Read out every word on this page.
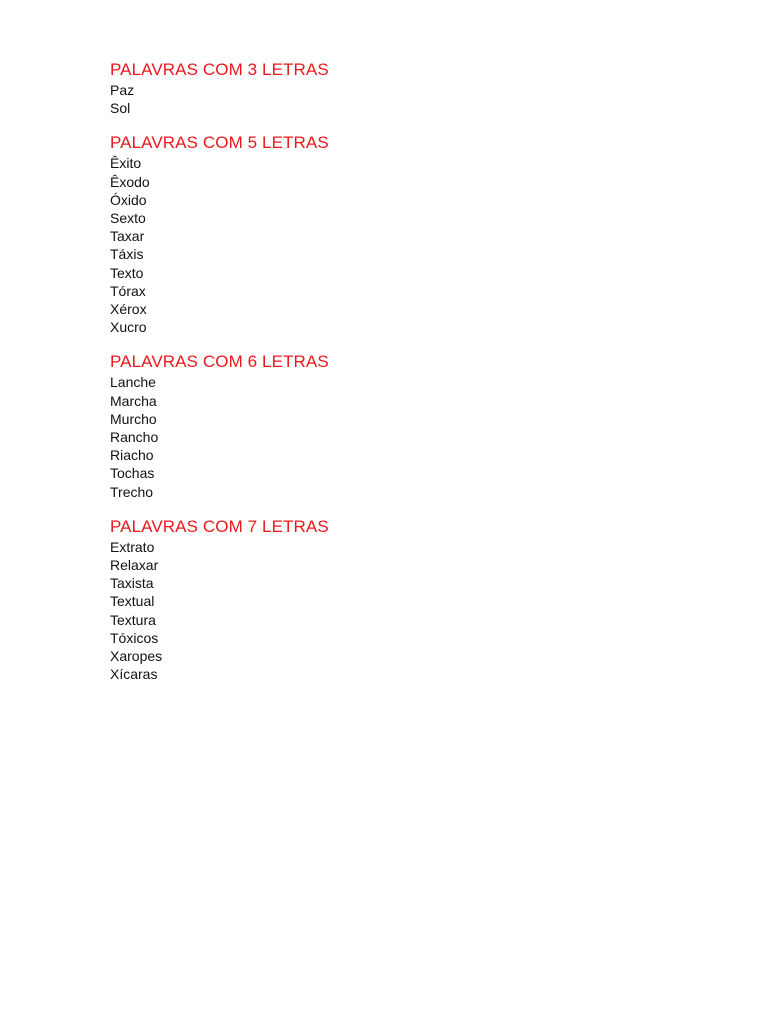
PALAVRAS COM 3 LETRAS
Paz
Sol
PALAVRAS COM 5 LETRAS
Êxito
Êxodo
Óxido
Sexto
Taxar
Táxis
Texto
Tórax
Xérox
Xucro
PALAVRAS COM 6 LETRAS
Lanche
Marcha
Murcho
Rancho
Riacho
Tochas
Trecho
PALAVRAS COM 7 LETRAS
Extrato
Relaxar
Taxista
Textual
Textura
Tóxicos
Xaropes
Xícaras
